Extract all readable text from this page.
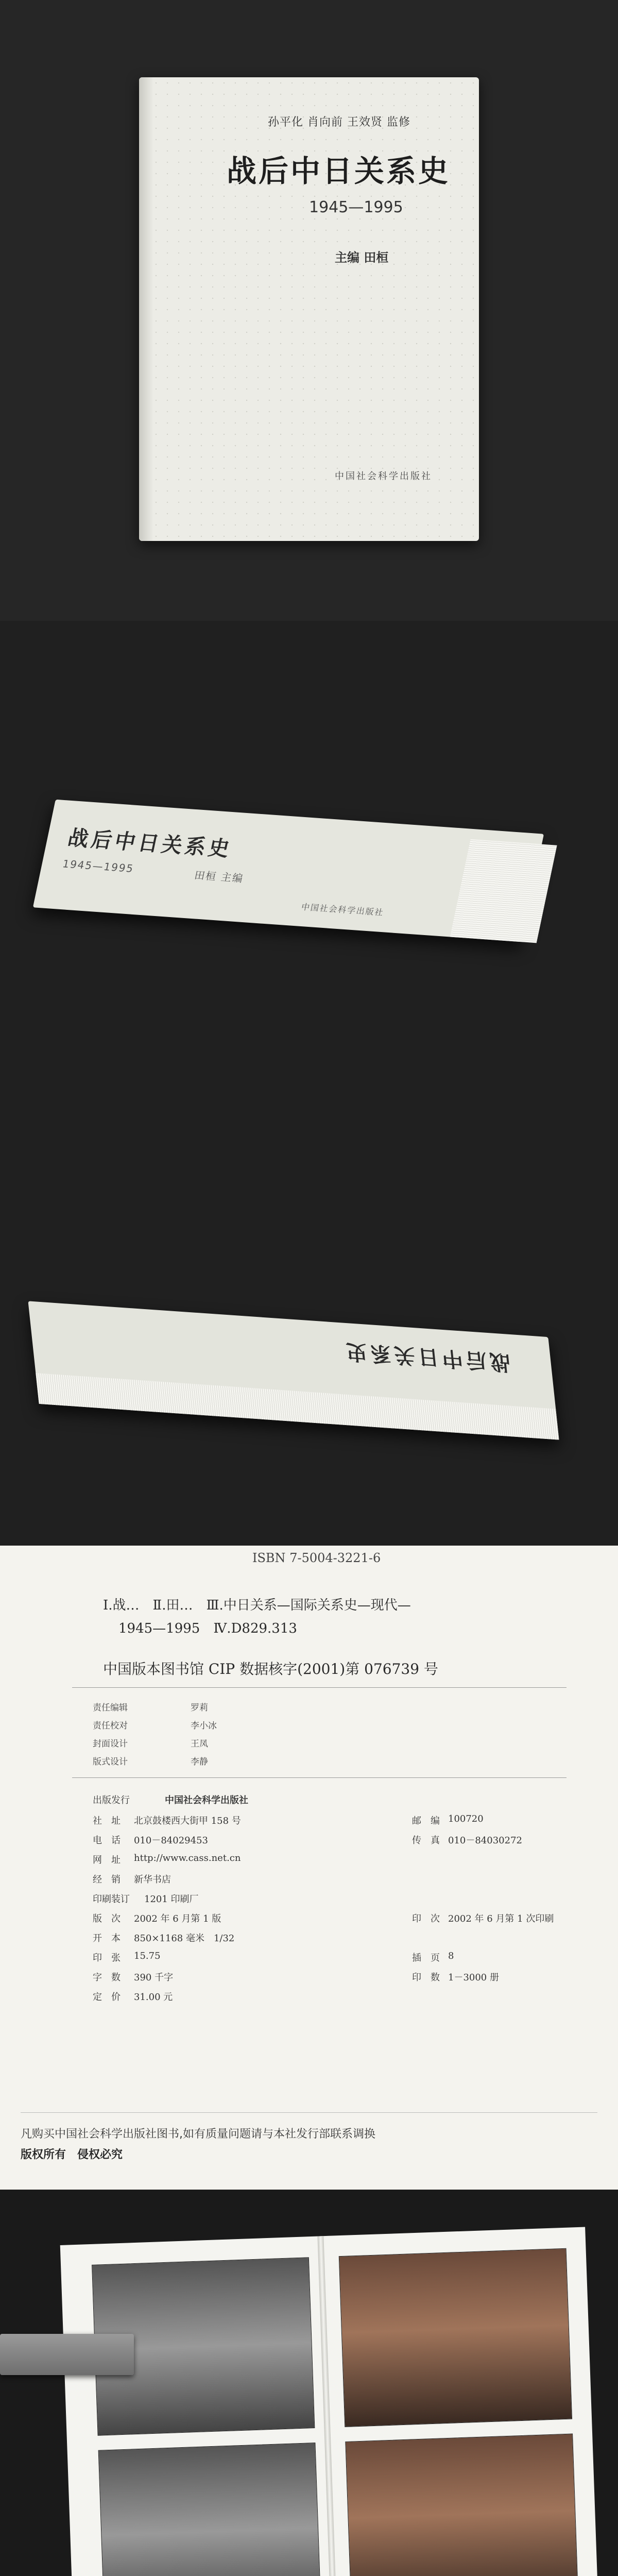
孙平化 肖向前 王效贤 监修
战后中日关系史
1945—1995
主编 田桓
中国社会科学出版社
战后中日关系史
1945—1995
田桓 主编
中国社会科学出版社
战后中日关系史
ISBN 7-5004-3221-6
Ⅰ.战…　Ⅱ.田…　Ⅲ.中日关系—国际关系史—现代—
1945—1995　Ⅳ.D829.313
中国版本图书馆 CIP 数据核字(2001)第 076739 号
责任编辑	罗莉
责任校对	李小冰
封面设计	王凤
版式设计	李静
出版发行	中国社会科学出版社
社　址 北京鼓楼西大街甲 158 号	邮　编 100720
电　话 010－84029453	传　真 010－84030272
网　址 http://www.cass.net.cn
经　销 新华书店
印刷装订 1201 印刷厂
版　次 2002 年 6 月第 1 版	印　次 2002 年 6 月第 1 次印刷
开　本 850×1168 毫米　1/32
印　张 15.75	插　页 8
字　数 390 千字	印　数 1－3000 册
定　价 31.00 元
凡购买中国社会科学出版社图书,如有质量问题请与本社发行部联系调换
版权所有　侵权必究
